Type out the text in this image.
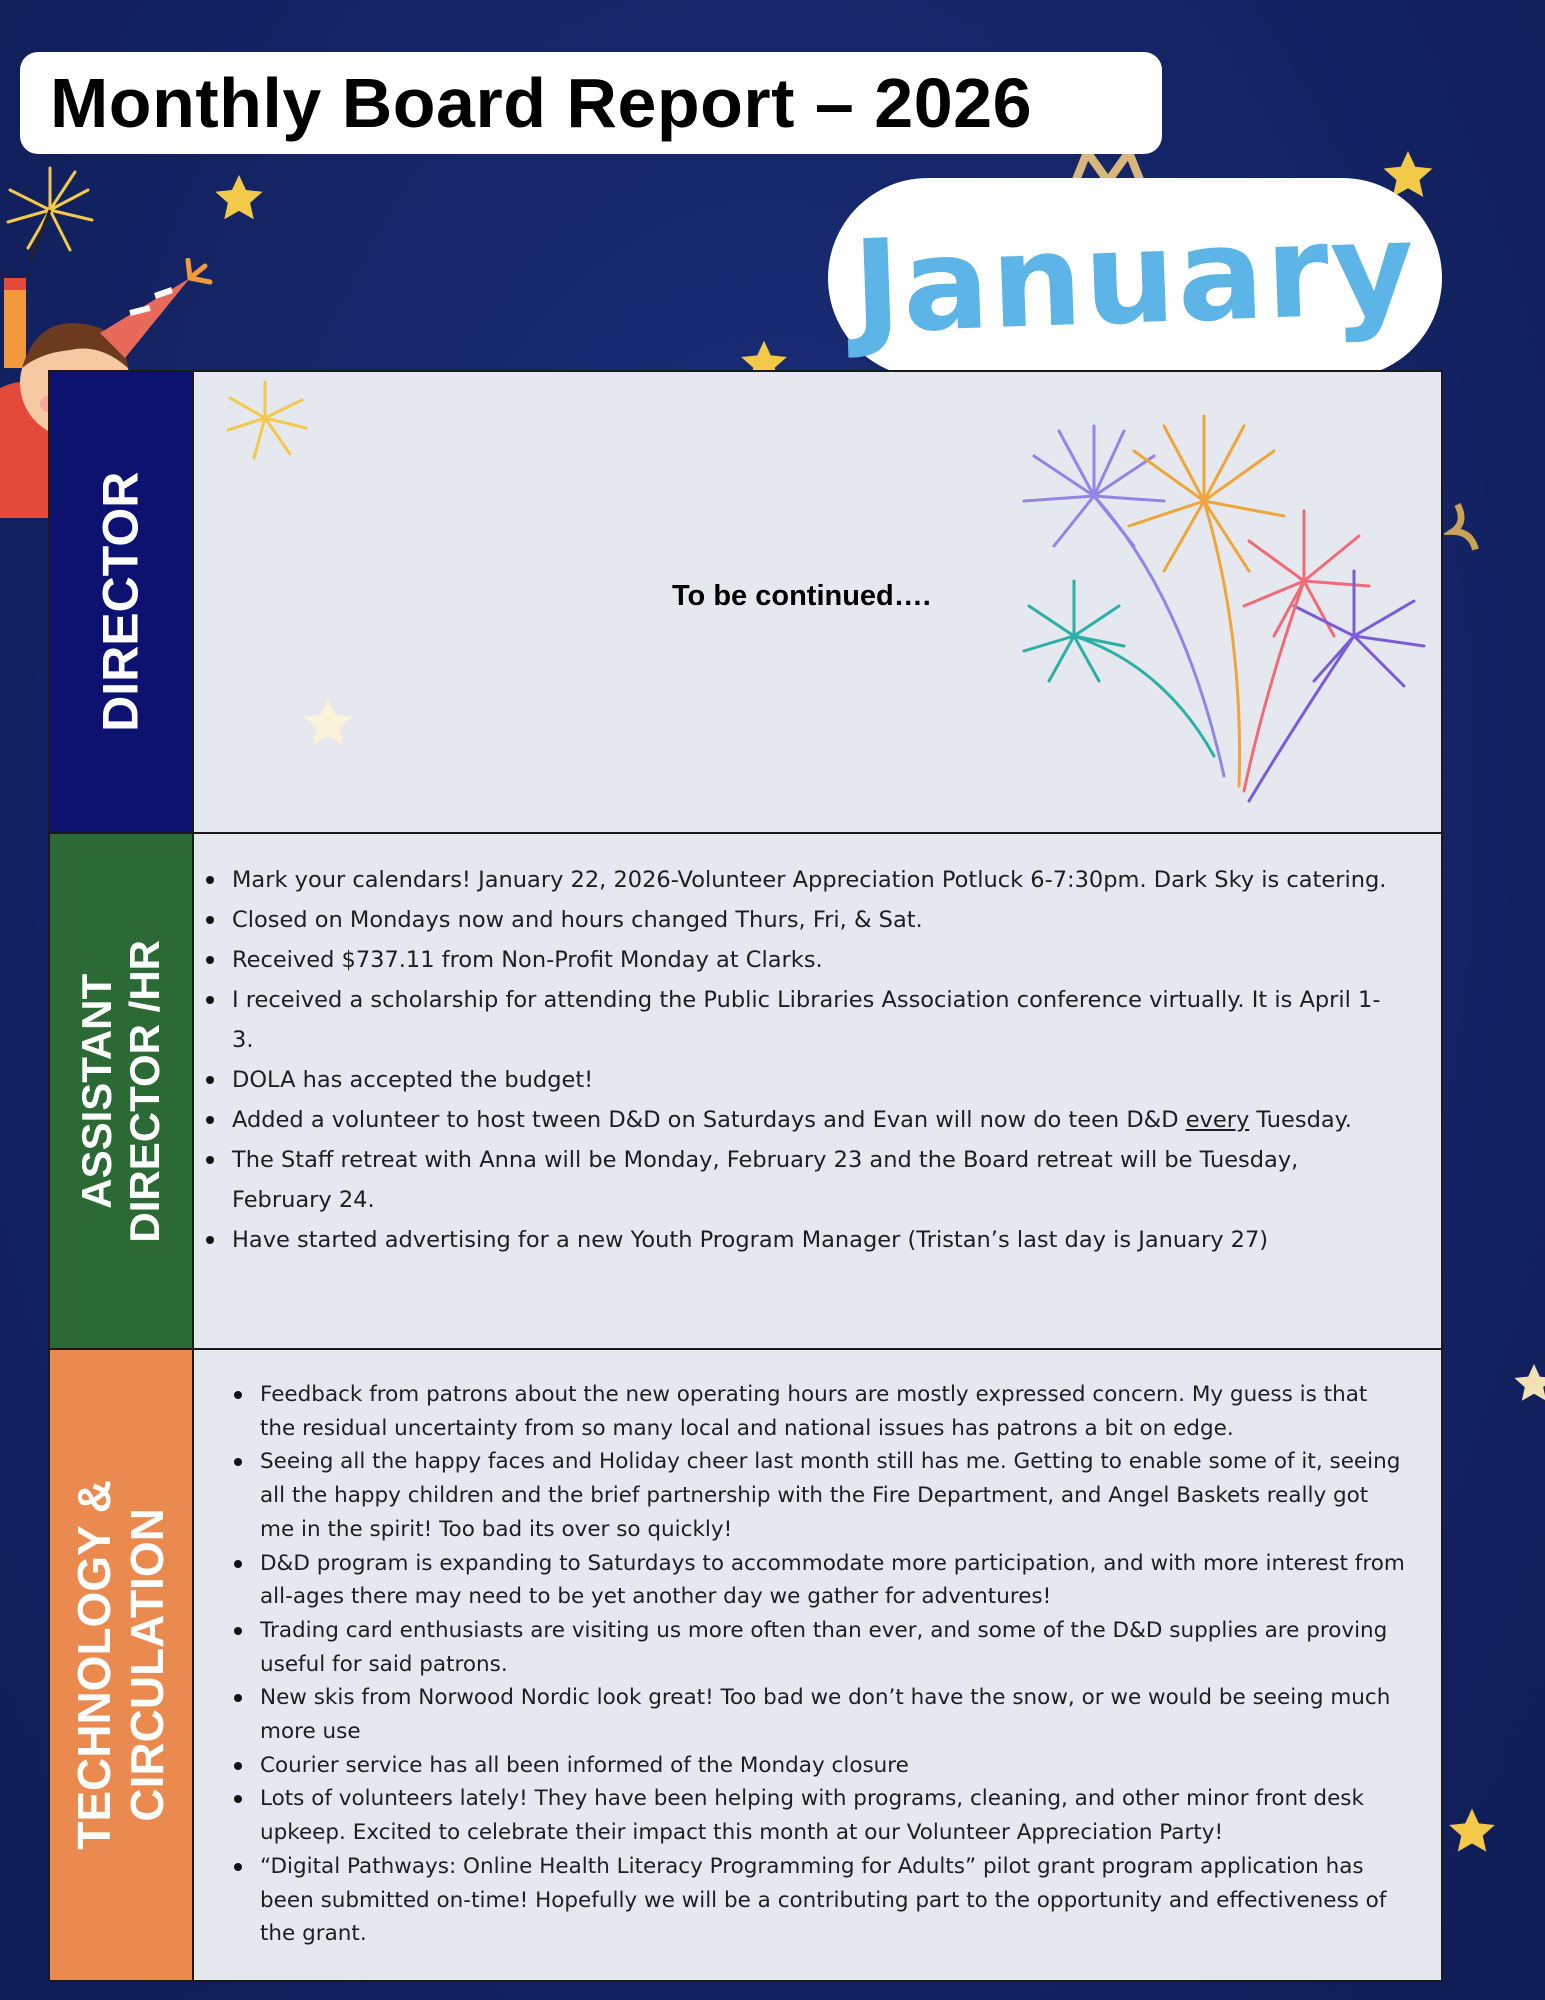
Monthly Board Report – 2026
January
DIRECTOR	To be continued….
ASSISTANT
DIRECTOR /HR
Mark your calendars! January 22, 2026-Volunteer Appreciation Potluck 6-7:30pm. Dark Sky is catering.
Closed on Mondays now and hours changed Thurs, Fri, & Sat.
Received $737.11 from Non-Profit Monday at Clarks.
I received a scholarship for attending the Public Libraries Association conference virtually. It is April 1-3.
DOLA has accepted the budget!
Added a volunteer to host tween D&D on Saturdays and Evan will now do teen D&D every Tuesday.
The Staff retreat with Anna will be Monday, February 23 and the Board retreat will be Tuesday, February 24.
Have started advertising for a new Youth Program Manager (Tristan’s last day is January 27)
TECHNOLOGY &
CIRCULATION
Feedback from patrons about the new operating hours are mostly expressed concern. My guess is that the residual uncertainty from so many local and national issues has patrons a bit on edge.
Seeing all the happy faces and Holiday cheer last month still has me. Getting to enable some of it, seeing all the happy children and the brief partnership with the Fire Department, and Angel Baskets really got me in the spirit! Too bad its over so quickly!
D&D program is expanding to Saturdays to accommodate more participation, and with more interest from all-ages there may need to be yet another day we gather for adventures!
Trading card enthusiasts are visiting us more often than ever, and some of the D&D supplies are proving useful for said patrons.
New skis from Norwood Nordic look great! Too bad we don’t have the snow, or we would be seeing much more use
Courier service has all been informed of the Monday closure
Lots of volunteers lately! They have been helping with programs, cleaning, and other minor front desk upkeep. Excited to celebrate their impact this month at our Volunteer Appreciation Party!
“Digital Pathways: Online Health Literacy Programming for Adults” pilot grant program application has been submitted on-time! Hopefully we will be a contributing part to the opportunity and effectiveness of the grant.
